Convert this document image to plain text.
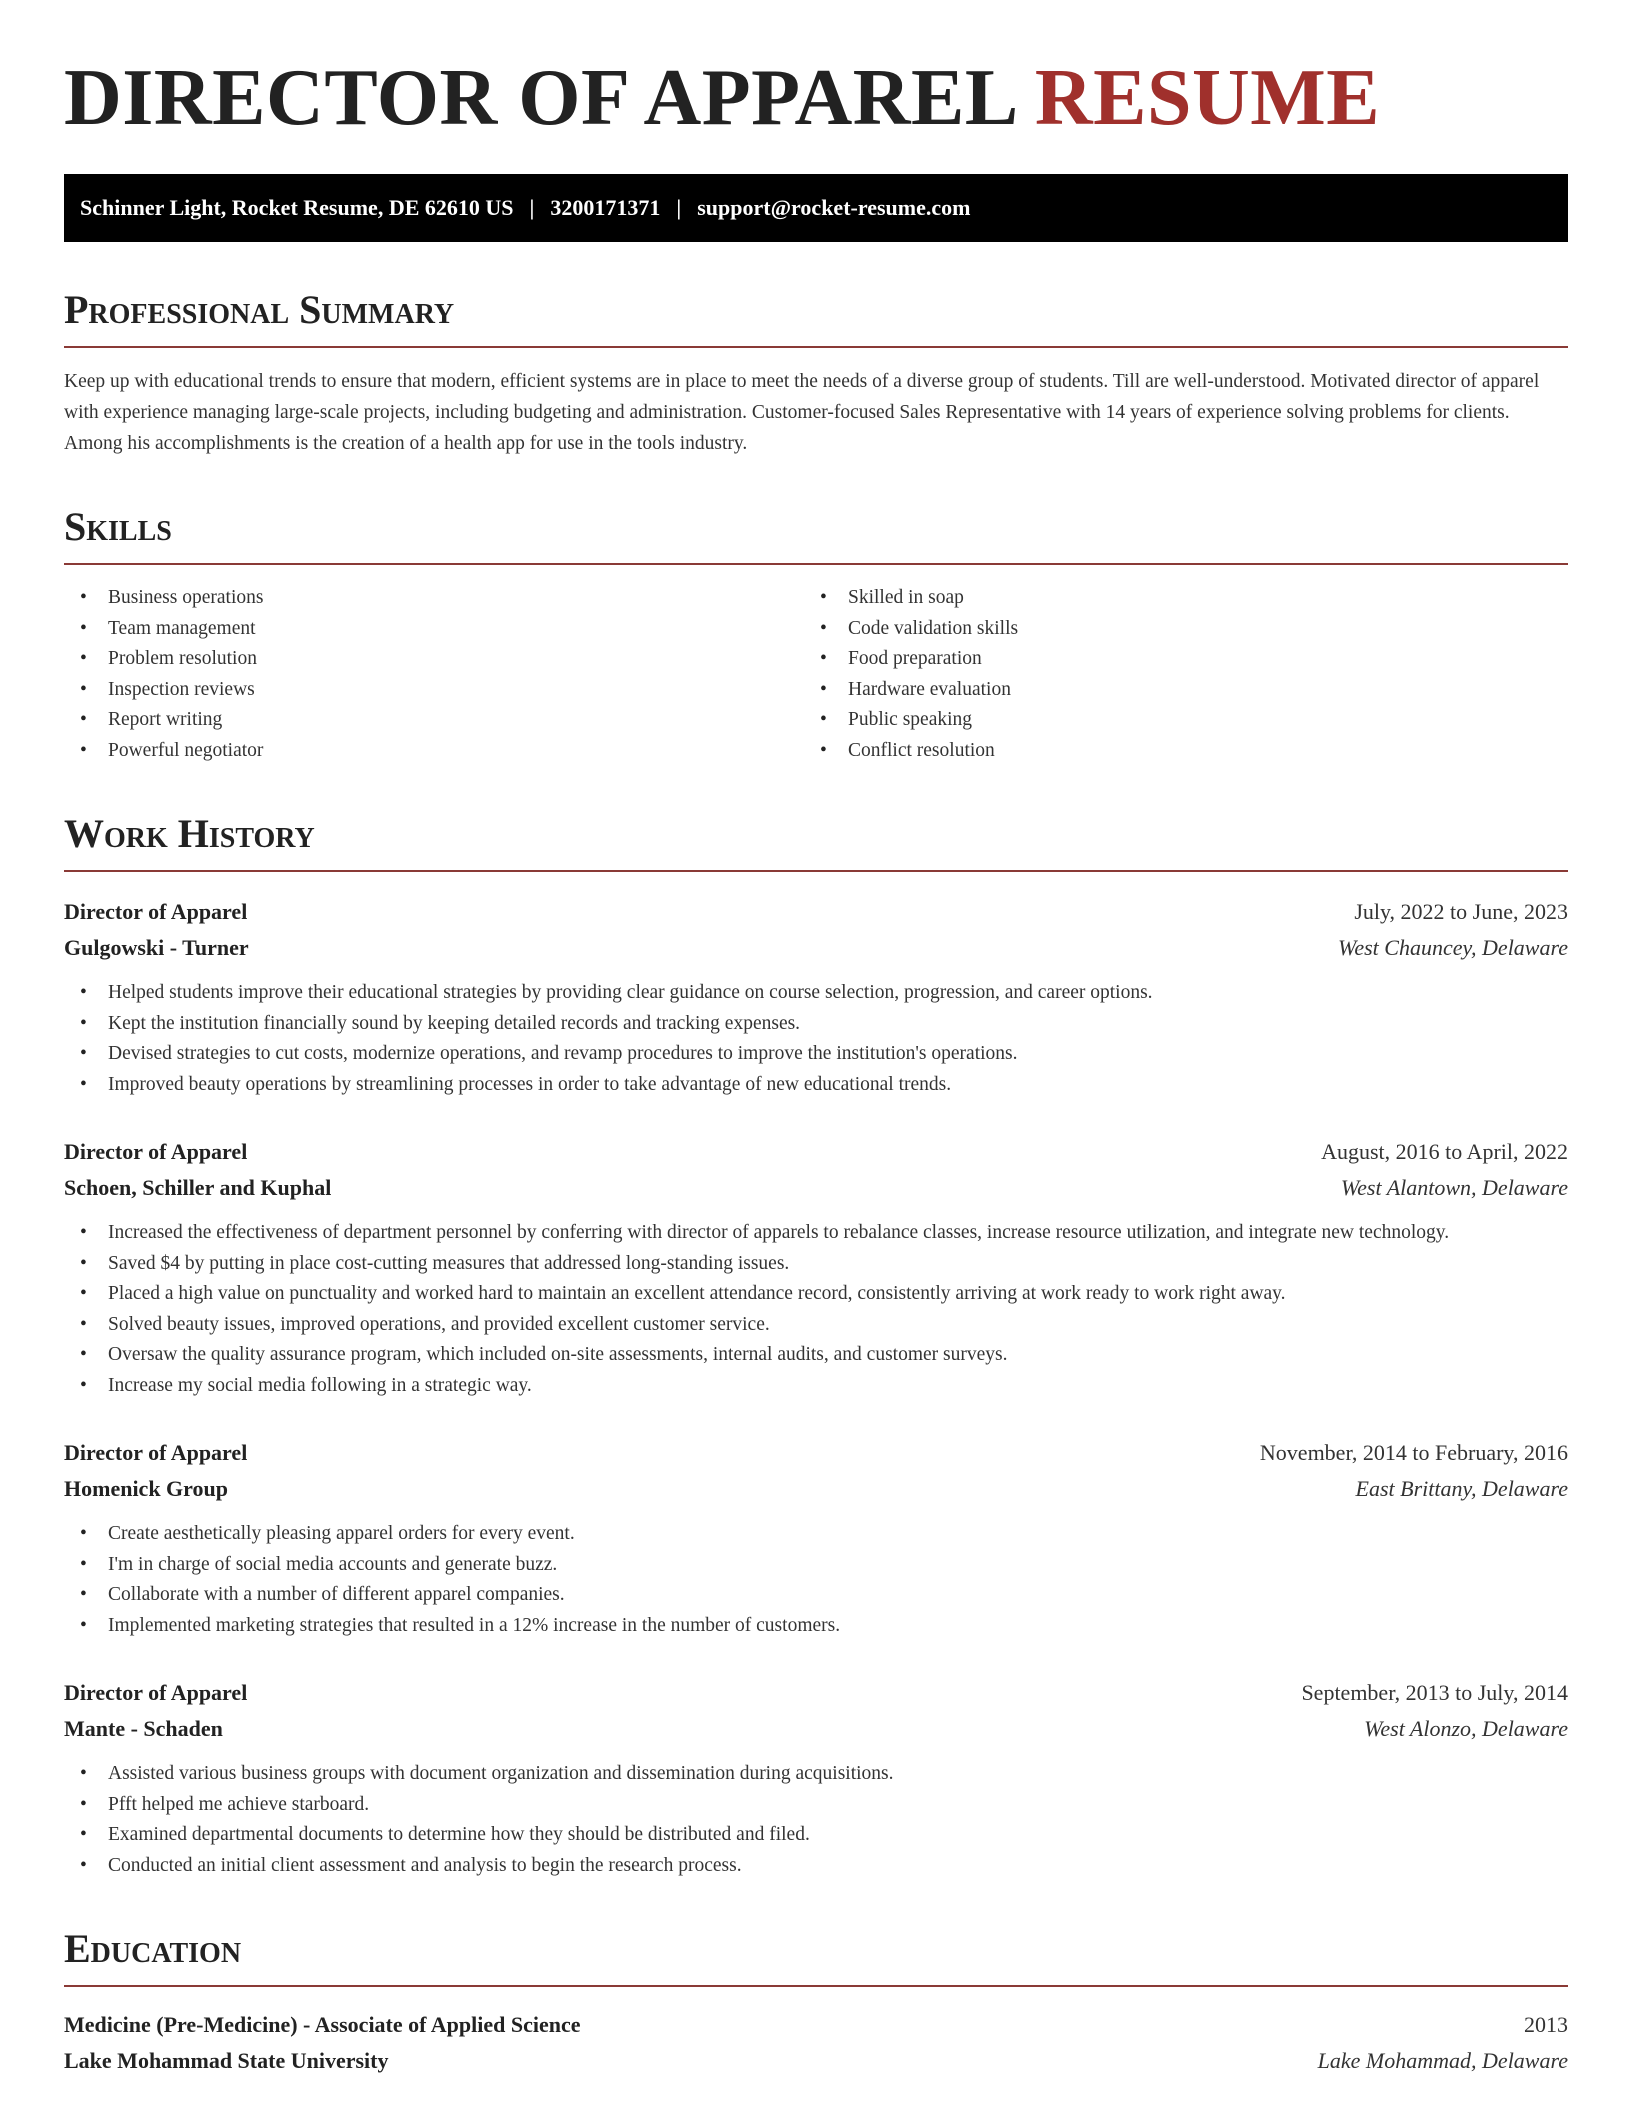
DIRECTOR OF APPAREL RESUME
Schinner Light, Rocket Resume, DE 62610 US | 3200171371 | support@rocket-resume.com
Professional Summary

Keep up with educational trends to ensure that modern, efficient systems are in place to meet the needs of a diverse group of students. Till are well-understood. Motivated director of apparel with experience managing large-scale projects, including budgeting and administration. Customer-focused Sales Representative with 14 years of experience solving problems for clients. Among his accomplishments is the creation of a health app for use in the tools industry.

Skills
• Business operations
• Team management
• Problem resolution
• Inspection reviews
• Report writing
• Powerful negotiator
• Skilled in soap
• Code validation skills
• Food preparation
• Hardware evaluation
• Public speaking
• Conflict resolution
Work History
Director of Apparel	July, 2022 to June, 2023
Gulgowski - Turner	West Chauncey, Delaware
• Helped students improve their educational strategies by providing clear guidance on course selection, progression, and career options.
• Kept the institution financially sound by keeping detailed records and tracking expenses.
• Devised strategies to cut costs, modernize operations, and revamp procedures to improve the institution's operations.
• Improved beauty operations by streamlining processes in order to take advantage of new educational trends.
Director of Apparel	August, 2016 to April, 2022
Schoen, Schiller and Kuphal	West Alantown, Delaware
• Increased the effectiveness of department personnel by conferring with director of apparels to rebalance classes, increase resource utilization, and integrate new technology.
• Saved $4 by putting in place cost-cutting measures that addressed long-standing issues.
• Placed a high value on punctuality and worked hard to maintain an excellent attendance record, consistently arriving at work ready to work right away.
• Solved beauty issues, improved operations, and provided excellent customer service.
• Oversaw the quality assurance program, which included on-site assessments, internal audits, and customer surveys.
• Increase my social media following in a strategic way.
Director of Apparel	November, 2014 to February, 2016
Homenick Group	East Brittany, Delaware
• Create aesthetically pleasing apparel orders for every event.
• I'm in charge of social media accounts and generate buzz.
• Collaborate with a number of different apparel companies.
• Implemented marketing strategies that resulted in a 12% increase in the number of customers.
Director of Apparel	September, 2013 to July, 2014
Mante - Schaden	West Alonzo, Delaware
• Assisted various business groups with document organization and dissemination during acquisitions.
• Pfft helped me achieve starboard.
• Examined departmental documents to determine how they should be distributed and filed.
• Conducted an initial client assessment and analysis to begin the research process.
Education
Medicine (Pre-Medicine) - Associate of Applied Science	2013
Lake Mohammad State University	Lake Mohammad, Delaware
